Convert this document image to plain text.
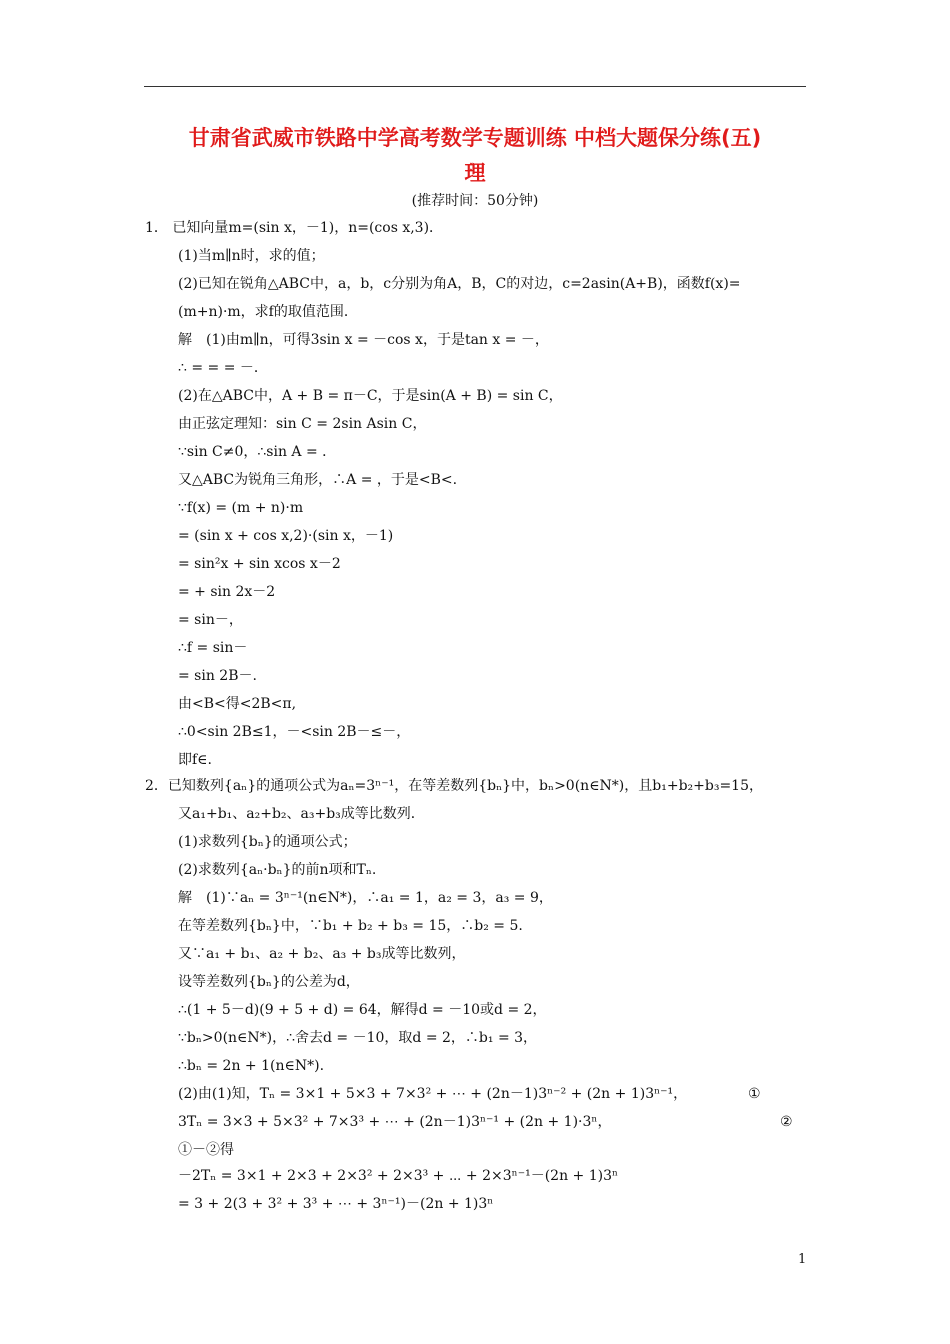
甘肃省武威市铁路中学高考数学专题训练 中档大题保分练(五)
理
(推荐时间：50分钟)
1． 已知向量m=(sin x，－1)，n=(cos x,3)．
(1)当m∥n时，求的值；
(2)已知在锐角△ABC中，a，b，c分别为角A，B，C的对边，c=2asin(A+B)，函数f(x)=
(m+n)·m，求f的取值范围．
解　(1)由m∥n，可得3sin x = －cos x，于是tan x = －，
∴ = = = －．
(2)在△ABC中，A + B = π－C，于是sin(A + B) = sin C，
由正弦定理知：sin C = 2sin Asin C，
∵sin C≠0，∴sin A = ．
又△ABC为锐角三角形，∴A = ，于是<B<.
∵f(x) = (m + n)·m
= (sin x + cos x,2)·(sin x，－1)
= sin²x + sin xcos x－2
= + sin 2x－2
= sin－，
∴f = sin－
= sin 2B－.
由<B<得<2B<π,
∴0<sin 2B≤1，－<sin 2B－≤－，
即f∈.
2．已知数列{aₙ}的通项公式为aₙ=3ⁿ⁻¹，在等差数列{bₙ}中，bₙ>0(n∈N*)，且b₁+b₂+b₃=15，
又a₁+b₁、a₂+b₂、a₃+b₃成等比数列．
(1)求数列{bₙ}的通项公式；
(2)求数列{aₙ·bₙ}的前n项和Tₙ.
解　(1)∵aₙ = 3ⁿ⁻¹(n∈N*)，∴a₁ = 1，a₂ = 3，a₃ = 9，
在等差数列{bₙ}中，∵b₁ + b₂ + b₃ = 15，∴b₂ = 5.
又∵a₁ + b₁、a₂ + b₂、a₃ + b₃成等比数列，
设等差数列{bₙ}的公差为d，
∴(1 + 5－d)(9 + 5 + d) = 64，解得d = －10或d = 2，
∵bₙ>0(n∈N*)，∴舍去d = －10，取d = 2，∴b₁ = 3，
∴bₙ = 2n + 1(n∈N*).
(2)由(1)知，Tₙ = 3×1 + 5×3 + 7×3² + ⋯ + (2n－1)3ⁿ⁻² + (2n + 1)3ⁿ⁻¹，	①
3Tₙ = 3×3 + 5×3² + 7×3³ + ⋯ + (2n－1)3ⁿ⁻¹ + (2n + 1)·3ⁿ，	②
①－②得
－2Tₙ = 3×1 + 2×3 + 2×3² + 2×3³ + ⋯ + 2×3ⁿ⁻¹－(2n + 1)3ⁿ
= 3 + 2(3 + 3² + 3³ + ⋯ + 3ⁿ⁻¹)－(2n + 1)3ⁿ
1
